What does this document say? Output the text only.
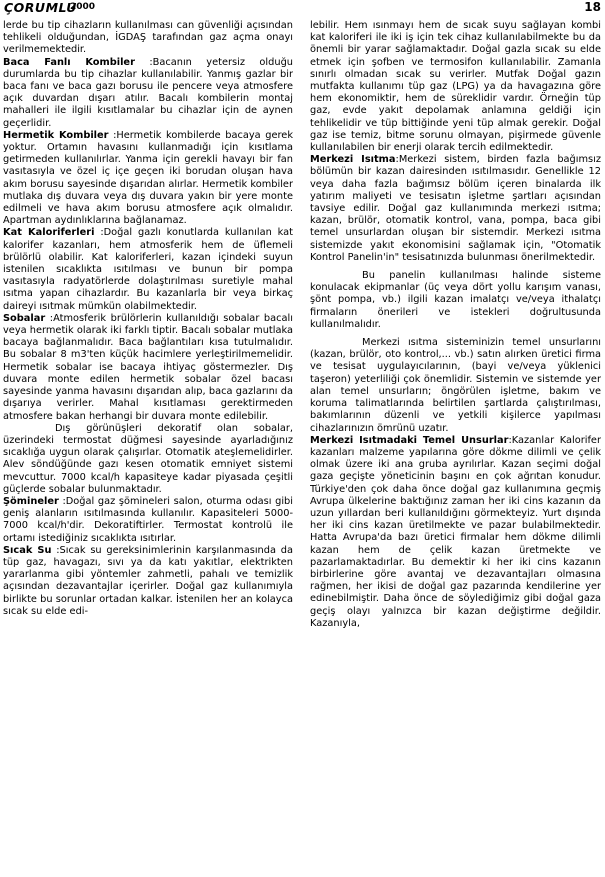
ÇORUMLU
2000	18

lerde bu tip cihazların kullanılması can güvenliği açısından tehlikeli olduğundan, İGDAŞ tarafından gaz açma onayı verilmemektedir.

Baca Fanlı Kombiler :Bacanın yetersiz olduğu durumlarda bu tip cihazlar kullanılabilir. Yanmış gazlar bir baca fanı ve baca gazı borusu ile pencere veya atmosfere açık duvardan dışarı atılır. Bacalı kombilerin montaj mahalleri ile ilgili kısıtlamalar bu cihazlar için de aynen geçerlidir.

Hermetik Kombiler :Hermetik kombilerde bacaya gerek yoktur. Ortamın havasını kullanmadığı için kısıtlama getirmeden kullanılırlar. Yanma için gerekli havayı bir fan vasıtasıyla ve özel iç içe geçen iki borudan oluşan hava akım borusu sayesinde dışarıdan alırlar. Hermetik kombiler mutlaka dış duvara veya dış duvara yakın bir yere monte edilmeli ve hava akım borusu atmosfere açık olmalıdır. Apartman aydınlıklarına bağlanamaz.

Kat Kaloriferleri :Doğal gazlı konutlarda kullanılan kat kalorifer kazanları, hem atmosferik hem de üflemeli brülörlü olabilir. Kat kaloriferleri, kazan içindeki suyun istenilen sıcaklıkta ısıtılması ve bunun bir pompa vasıtasıyla radyatörlerde dolaştırılması suretiyle mahal ısıtma yapan cihazlardır. Bu kazanlarla bir veya birkaç daireyi ısıtmak mümkün olabilmektedir.

Sobalar :Atmosferik brülörlerin kullanıldığı sobalar bacalı veya hermetik olarak iki farklı tiptir. Bacalı sobalar mutlaka bacaya bağlanmalıdır. Baca bağlantıları kısa tutulmalıdır. Bu sobalar 8 m3'ten küçük hacimlere yerleştirilmemelidir. Hermetik sobalar ise bacaya ihtiyaç göstermezler. Dış duvara monte edilen hermetik sobalar özel bacası sayesinde yanma havasını dışarıdan alıp, baca gazlarını da dışarıya verirler. Mahal kısıtlaması gerektirmeden atmosfere bakan herhangi bir duvara monte edilebilir.

Dış görünüşleri dekoratif olan sobalar, üzerindeki termostat düğmesi sayesinde ayarladığınız sıcaklığa uygun olarak çalışırlar. Otomatik ateşlemelidirler. Alev söndüğünde gazı kesen otomatik emniyet sistemi mevcuttur. 7000 kcal/h kapasiteye kadar piyasada çeşitli güçlerde sobalar bulunmaktadır.

Şömineler :Doğal gaz şömineleri salon, oturma odası gibi geniş alanların ısıtılmasında kullanılır. Kapasiteleri 5000-7000 kcal/h'dir. Dekoratiftirler. Termostat kontrolü ile ortamı istediğiniz sıcaklıkta ısıtırlar.

Sıcak Su :Sıcak su gereksinimlerinin karşılanmasında da tüp gaz, havagazı, sıvı ya da katı yakıtlar, elektrikten yararlanma gibi yöntemler zahmetli, pahalı ve temizlik açısından dezavantajlar içerirler. Doğal gaz kullanımıyla birlikte bu sorunlar ortadan kalkar. İstenilen her an kolayca sıcak su elde edi-

lebilir. Hem ısınmayı hem de sıcak suyu sağlayan kombi kat kaloriferi ile iki iş için tek cihaz kullanılabilmekte bu da önemli bir yarar sağlamaktadır. Doğal gazla sıcak su elde etmek için şofben ve termosifon kullanılabilir. Zamanla sınırlı olmadan sıcak su verirler. Mutfak Doğal gazın mutfakta kullanımı tüp gaz (LPG) ya da havagazına göre hem ekonomiktir, hem de süreklidir vardır. Örneğin tüp gaz, evde yakıt depolamak anlamına geldiği için tehlikelidir ve tüp bittiğinde yeni tüp almak gerekir. Doğal gaz ise temiz, bitme sorunu olmayan, pişirmede güvenle kullanılabilen bir enerji olarak tercih edilmektedir.

Merkezi Isıtma:Merkezi sistem, birden fazla bağımsız bölümün bir kazan dairesinden ısıtılmasıdır. Genellikle 12 veya daha fazla bağımsız bölüm içeren binalarda ilk yatırım maliyeti ve tesisatın işletme şartları açısından tavsiye edilir. Doğal gaz kullanımında merkezi ısıtma; kazan, brülör, otomatik kontrol, vana, pompa, baca gibi temel unsurlardan oluşan bir sistemdir. Merkezi ısıtma sistemizde yakıt ekonomisini sağlamak için, "Otomatik Kontrol Panelin'in" tesisatınızda bulunması önerilmektedir.

Bu panelin kullanılması halinde sisteme konulacak ekipmanlar (üç veya dört yollu karışım vanası, şönt pompa, vb.) ilgili kazan imalatçı ve/veya ithalatçı firmaların önerileri ve istekleri doğrultusunda kullanılmalıdır.

Merkezi ısıtma sisteminizin temel unsurlarını (kazan, brülör, oto kontrol,... vb.) satın alırken üretici firma ve tesisat uygulayıcılarının, (bayi ve/veya yüklenici taşeron) yeterliliği çok önemlidir. Sistemin ve sistemde yer alan temel unsurların; öngörülen işletme, bakım ve koruma talimatlarında belirtilen şartlarda çalıştırılması, bakımlarının düzenli ve yetkili kişilerce yapılması cihazlarınızın ömrünü uzatır.

Merkezi Isıtmadaki Temel Unsurlar:Kazanlar Kalorifer kazanları malzeme yapılarına göre dökme dilimli ve çelik olmak üzere iki ana gruba ayrılırlar. Kazan seçimi doğal gaza geçişte yöneticinin başını en çok ağrıtan konudur. Türkiye'den çok daha önce doğal gaz kullanımına geçmiş Avrupa ülkelerine baktığınız zaman her iki cins kazanın da uzun yıllardan beri kullanıldığını görmekteyiz. Yurt dışında her iki cins kazan üretilmekte ve pazar bulabilmektedir. Hatta Avrupa'da bazı üretici firmalar hem dökme dilimli kazan hem de çelik kazan üretmekte ve pazarlamaktadırlar. Bu demektir ki her iki cins kazanın birbirlerine göre avantaj ve dezavantajları olmasına rağmen, her ikisi de doğal gaz pazarında kendilerine yer edinebilmiştir. Daha önce de söylediğimiz gibi doğal gaza geçiş olayı yalnızca bir kazan değiştirme değildir. Kazanıyla,
